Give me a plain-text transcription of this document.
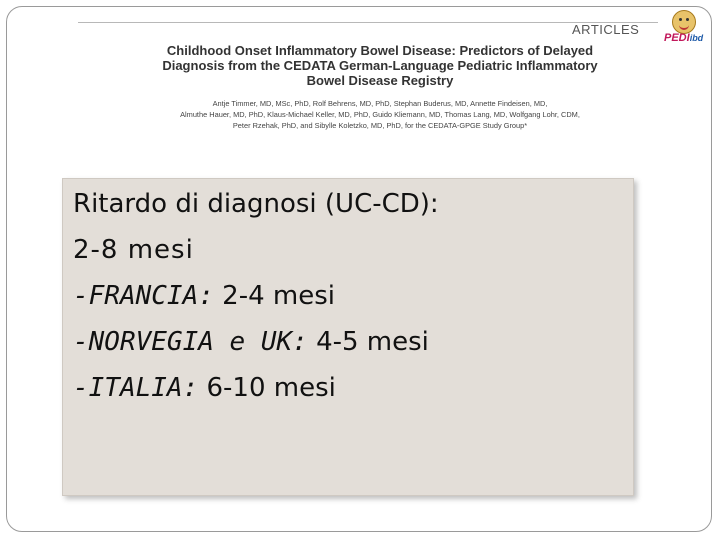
ARTICLES
PEDIibd
Childhood Onset Inflammatory Bowel Disease: Predictors of Delayed
Diagnosis from the CEDATA German-Language Pediatric Inflammatory
Bowel Disease Registry
Antje Timmer, MD, MSc, PhD, Rolf Behrens, MD, PhD, Stephan Buderus, MD, Annette Findeisen, MD,
Almuthe Hauer, MD, PhD, Klaus-Michael Keller, MD, PhD, Guido Kliemann, MD, Thomas Lang, MD, Wolfgang Lohr, CDM,
Peter Rzehak, PhD, and Sibylle Koletzko, MD, PhD, for the CEDATA-GPGE Study Group*
Ritardo di diagnosi (UC-CD):
2-8 mesi
-FRANCIA: 2-4 mesi
-NORVEGIA e UK: 4-5 mesi
-ITALIA: 6-10 mesi
